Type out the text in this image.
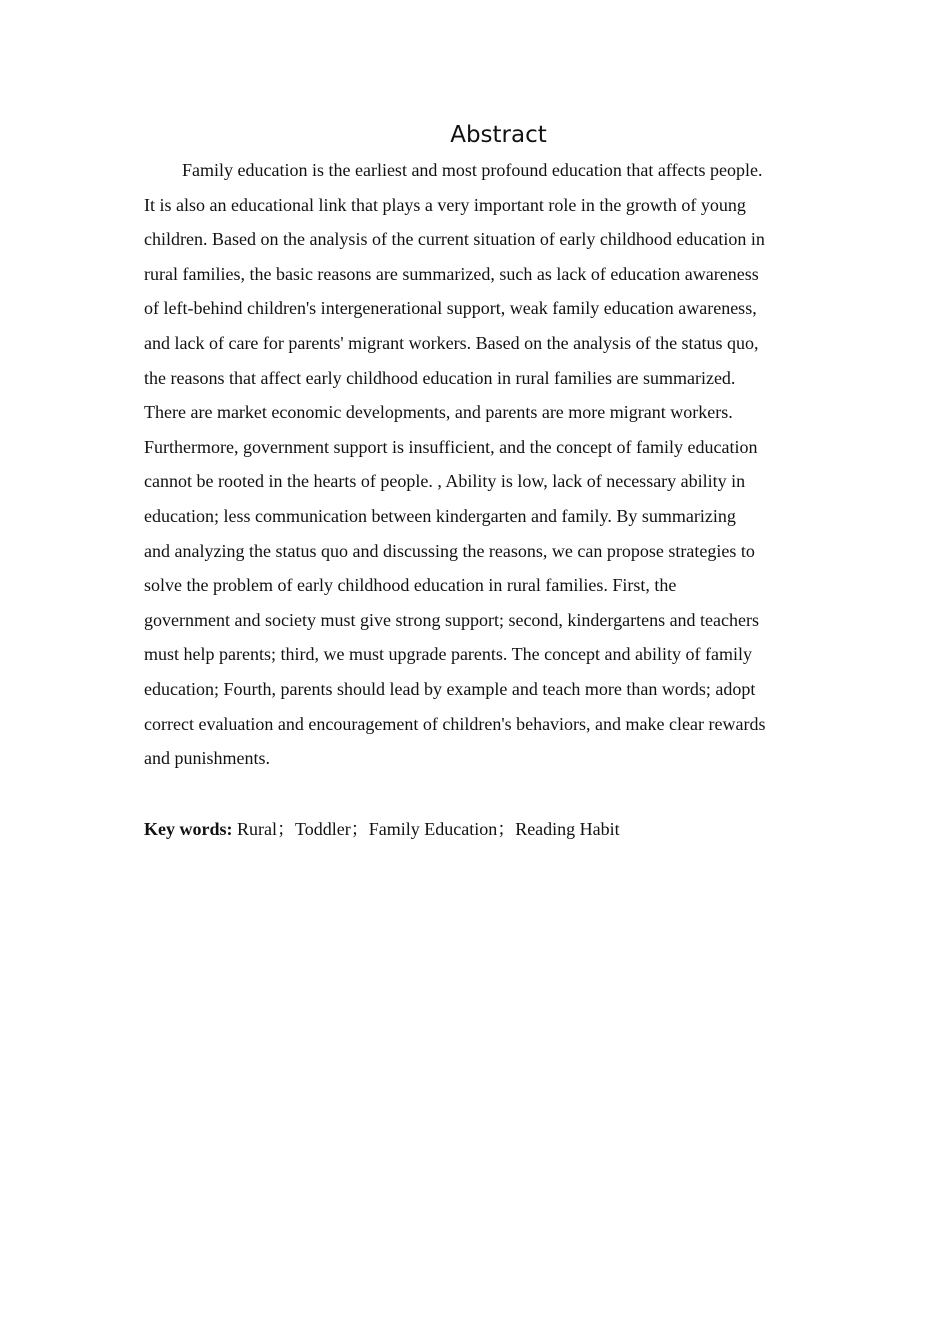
Abstract

Family education is the earliest and most profound education that affects people.
It is also an educational link that plays a very important role in the growth of young
children. Based on the analysis of the current situation of early childhood education in
rural families, the basic reasons are summarized, such as lack of education awareness
of left-behind children's intergenerational support, weak family education awareness,
and lack of care for parents' migrant workers. Based on the analysis of the status quo,
the reasons that affect early childhood education in rural families are summarized.
There are market economic developments, and parents are more migrant workers.
Furthermore, government support is insufficient, and the concept of family education
cannot be rooted in the hearts of people. , Ability is low, lack of necessary ability in
education; less communication between kindergarten and family. By summarizing
and analyzing the status quo and discussing the reasons, we can propose strategies to
solve the problem of early childhood education in rural families. First, the
government and society must give strong support; second, kindergartens and teachers
must help parents; third, we must upgrade parents. The concept and ability of family
education; Fourth, parents should lead by example and teach more than words; adopt
correct evaluation and encouragement of children's behaviors, and make clear rewards
and punishments.

Key words: Rural；Toddler；Family Education；Reading Habit
